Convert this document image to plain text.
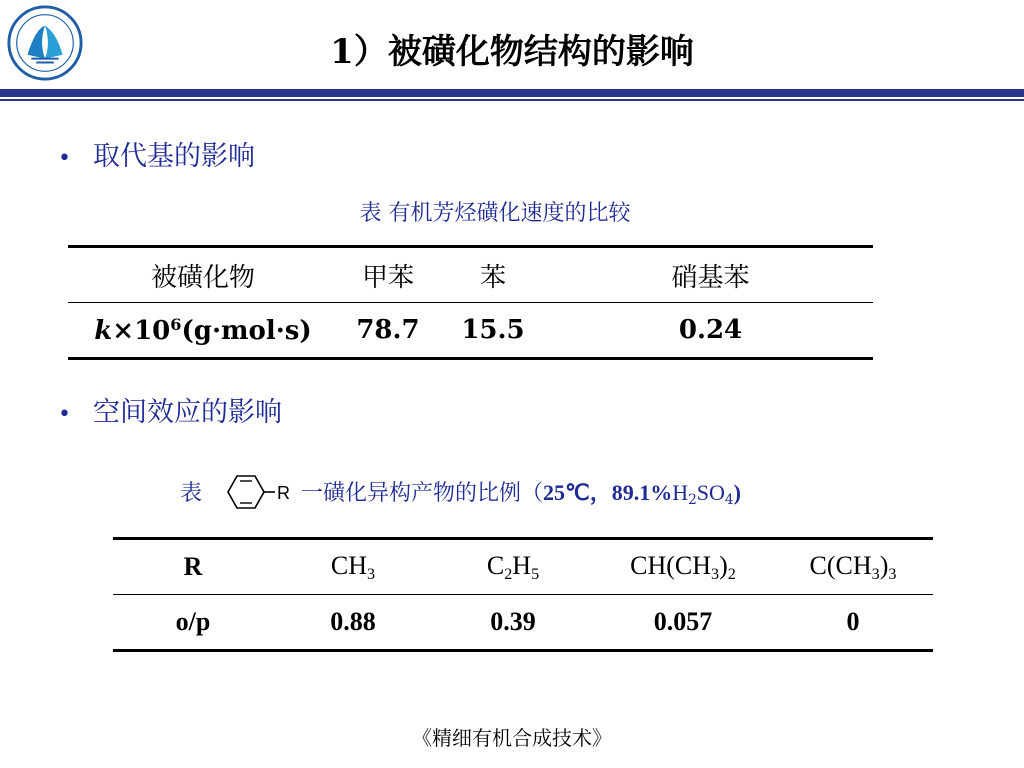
1）被磺化物结构的影响
• 取代基的影响
表 有机芳烃磺化速度的比较
被磺化物	甲苯	苯	硝基苯
$k\times 10^6(g\cdot mol\cdot s)$	78.7	15.5	0.24
• 空间效应的影响
表	R 一磺化异构产物的比例（25℃，$89.1\%H_2SO_4$)
R	$CH_3$	$C_2H_5$	$CH(CH_3)_2$	$C(CH_3)_3$
o/p	0.88	0.39	0.057	0
《精细有机合成技术》
